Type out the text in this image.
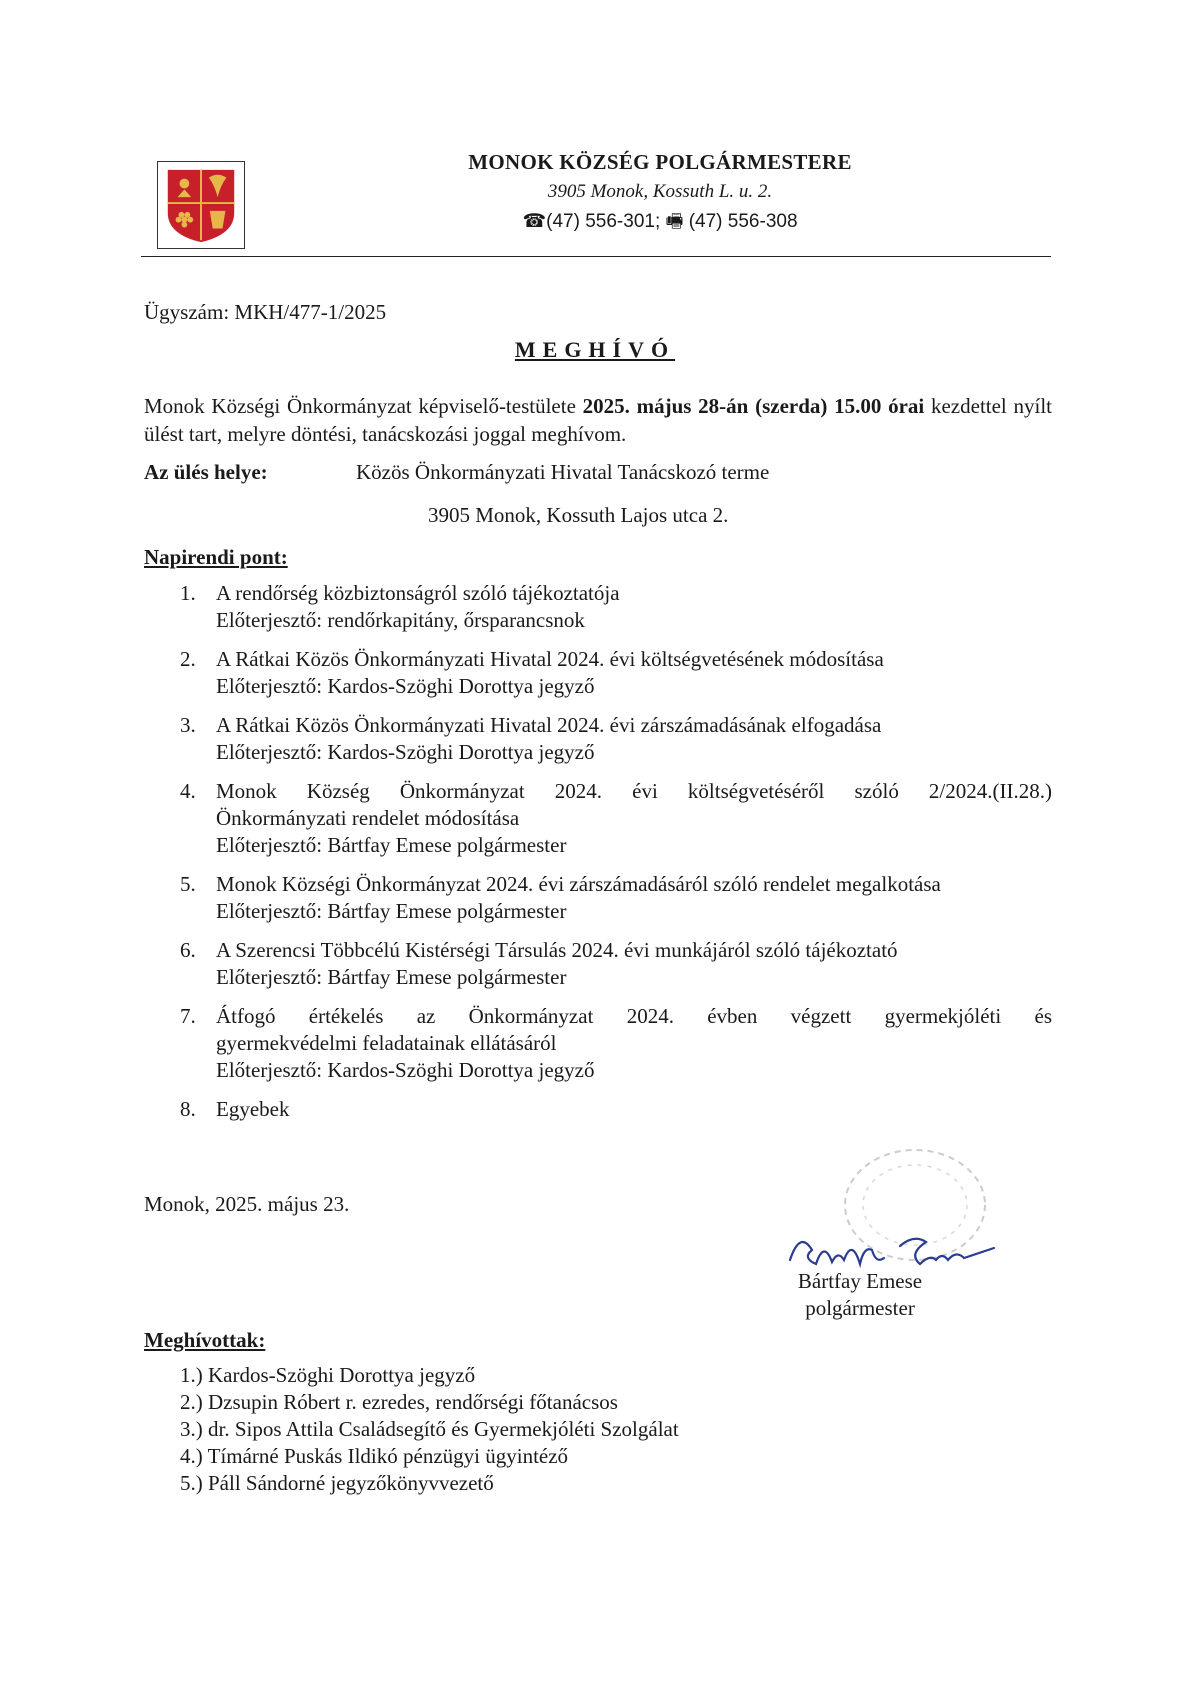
MONOK KÖZSÉG POLGÁRMESTERE
3905 Monok, Kossuth L. u. 2.
☎(47) 556-301; 🖷 (47) 556-308
Ügyszám: MKH/477-1/2025
MEGHÍVÓ
Monok Községi Önkormányzat képviselő-testülete 2025. május 28-án (szerda) 15.00 órai kezdettel nyílt ülést tart, melyre döntési, tanácskozási joggal meghívom.
Az ülés helye:	Közös Önkormányzati Hivatal Tanácskozó terme
3905 Monok, Kossuth Lajos utca 2.
Napirendi pont:
1. A rendőrség közbiztonságról szóló tájékoztatója
Előterjesztő: rendőrkapitány, őrsparancsnok
2. A Rátkai Közös Önkormányzati Hivatal 2024. évi költségvetésének módosítása
Előterjesztő: Kardos-Szöghi Dorottya jegyző
3. A Rátkai Közös Önkormányzati Hivatal 2024. évi zárszámadásának elfogadása
Előterjesztő: Kardos-Szöghi Dorottya jegyző
4. Monok Község Önkormányzat 2024. évi költségvetéséről szóló 2/2024.(II.28.)
Önkormányzati rendelet módosítása
Előterjesztő: Bártfay Emese polgármester
5. Monok Községi Önkormányzat 2024. évi zárszámadásáról szóló rendelet megalkotása
Előterjesztő: Bártfay Emese polgármester
6. A Szerencsi Többcélú Kistérségi Társulás 2024. évi munkájáról szóló tájékoztató
Előterjesztő: Bártfay Emese polgármester
7. Átfogó értékelés az Önkormányzat 2024. évben végzett gyermekjóléti és
gyermekvédelmi feladatainak ellátásáról
Előterjesztő: Kardos-Szöghi Dorottya jegyző
8. Egyebek
Monok, 2025. május 23.
Bártfay Emese
polgármester
Meghívottak:
1.) Kardos-Szöghi Dorottya jegyző
2.) Dzsupin Róbert r. ezredes, rendőrségi főtanácsos
3.) dr. Sipos Attila Családsegítő és Gyermekjóléti Szolgálat
4.) Tímárné Puskás Ildikó pénzügyi ügyintéző
5.) Páll Sándorné jegyzőkönyvvezető
